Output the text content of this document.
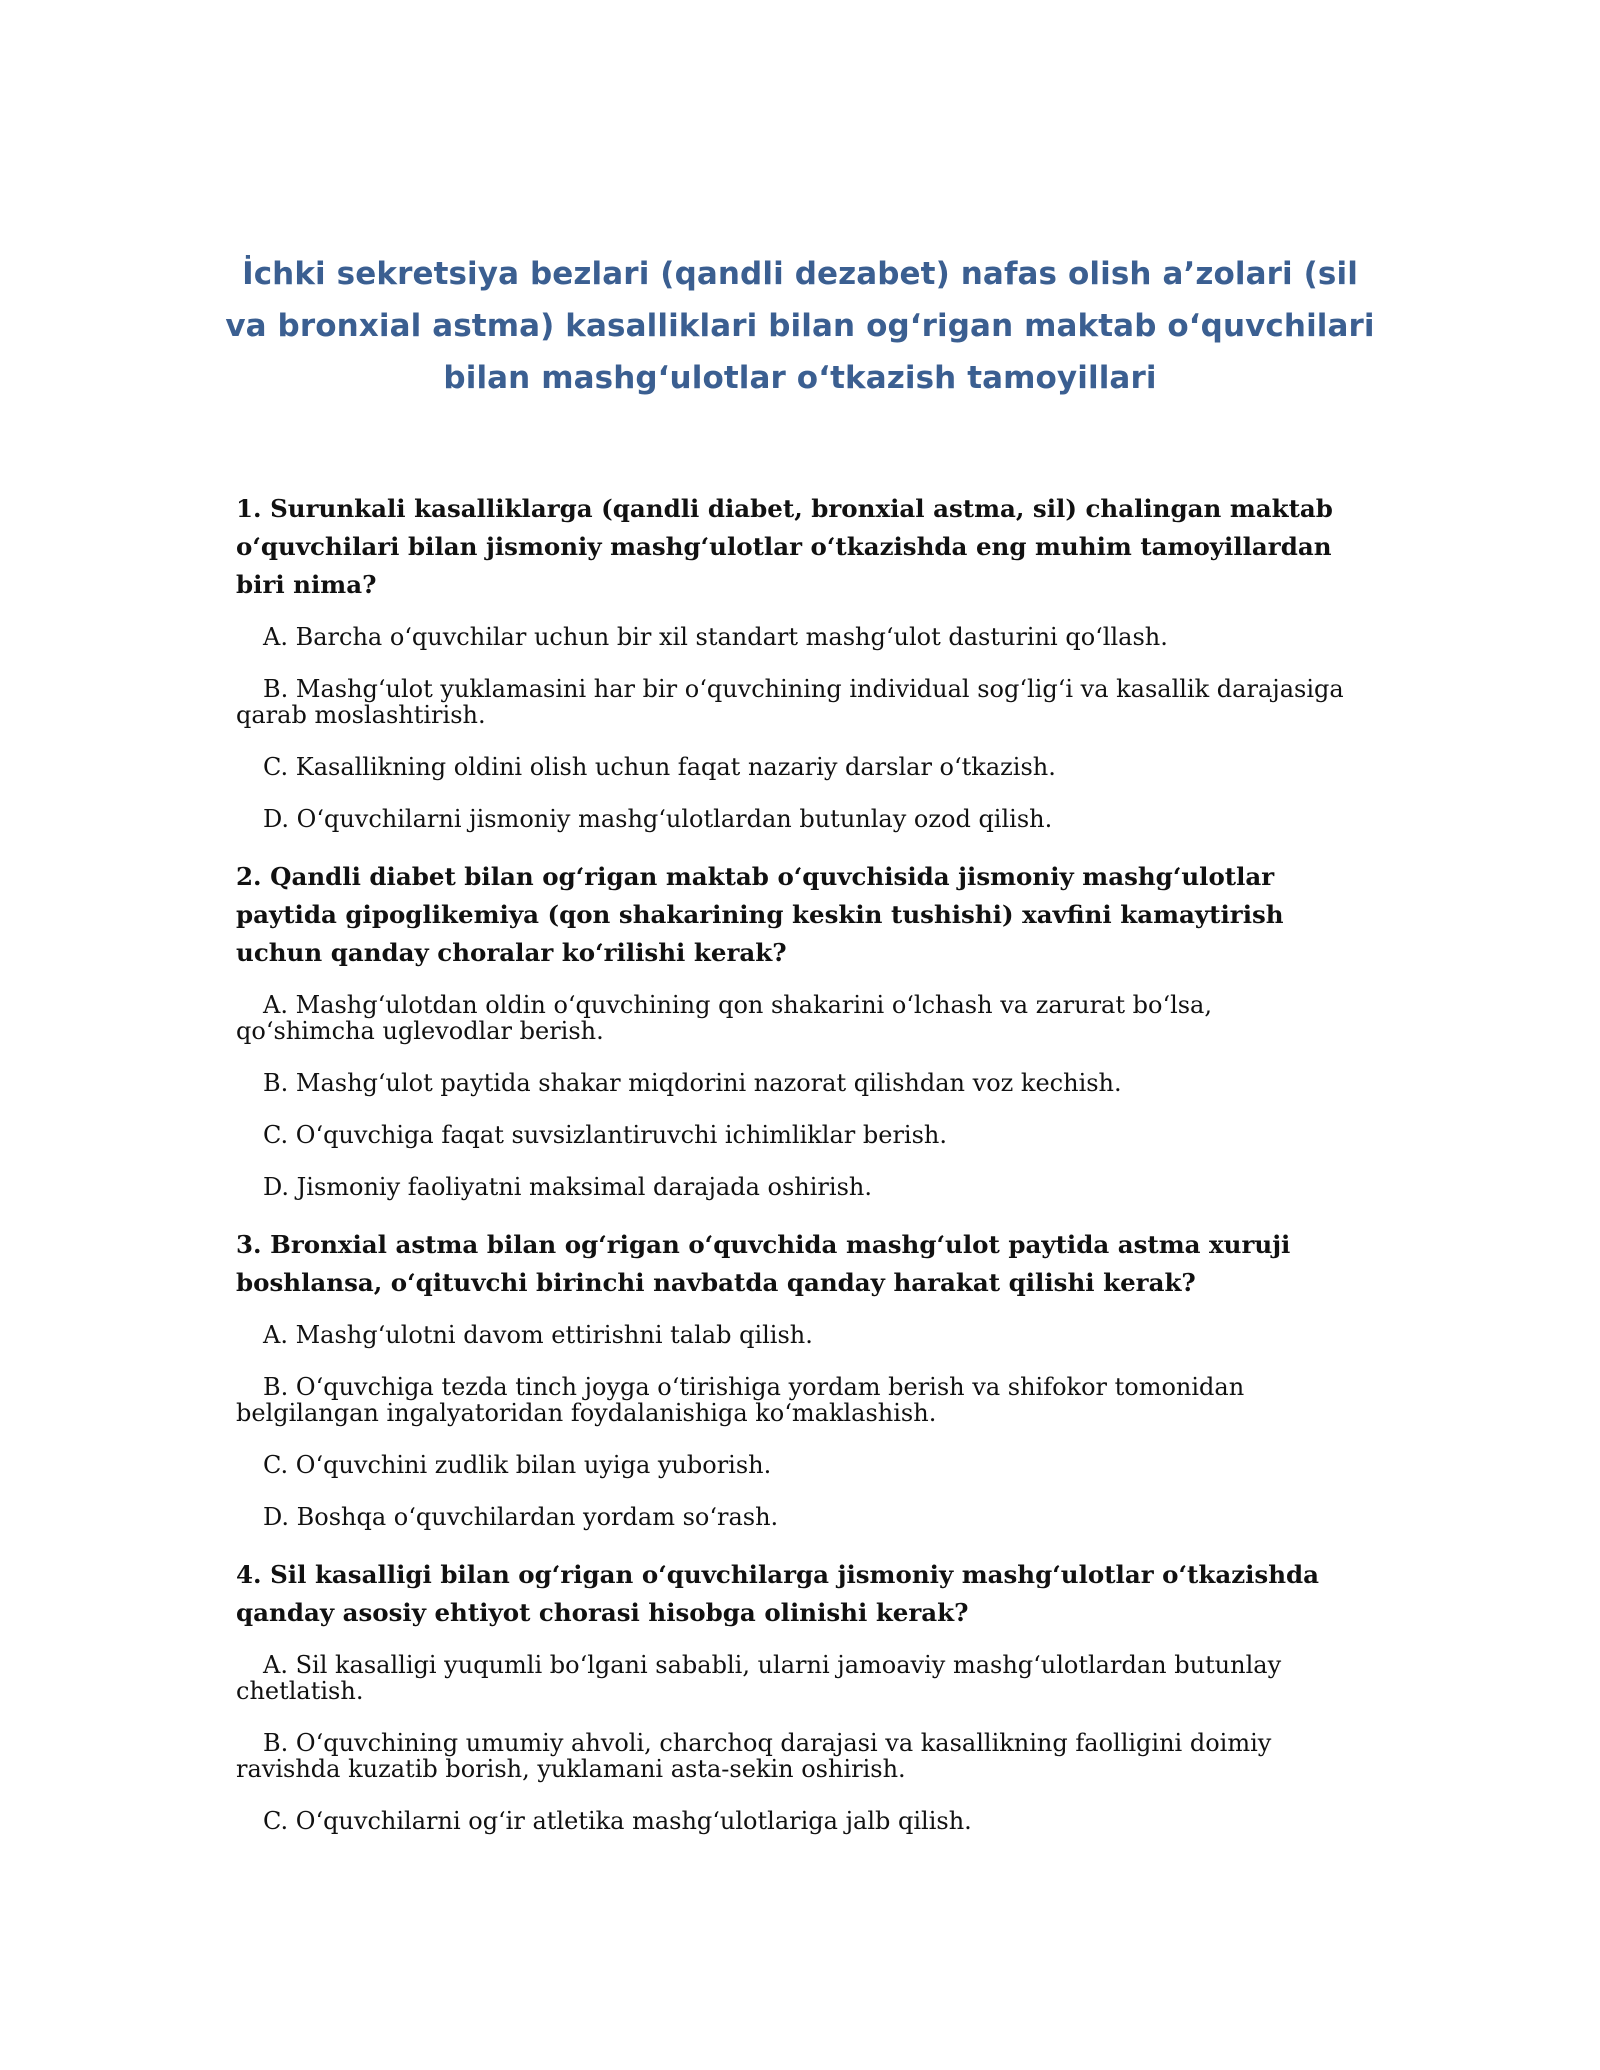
İchki sekretsiya bezlari (qandli dezabet) nafas olish a’zolari (sil va bronxial astma) kasalliklari bilan og‘rigan maktab o‘quvchilari bilan mashg‘ulotlar o‘tkazish tamoyillari

1. Surunkali kasalliklarga (qandli diabet, bronxial astma, sil) chalingan maktab o‘quvchilari bilan jismoniy mashg‘ulotlar o‘tkazishda eng muhim tamoyillardan biri nima?

A. Barcha o‘quvchilar uchun bir xil standart mashg‘ulot dasturini qo‘llash.

B. Mashg‘ulot yuklamasini har bir o‘quvchining individual sog‘lig‘i va kasallik darajasiga qarab moslashtirish.

C. Kasallikning oldini olish uchun faqat nazariy darslar o‘tkazish.

D. O‘quvchilarni jismoniy mashg‘ulotlardan butunlay ozod qilish.

2. Qandli diabet bilan og‘rigan maktab o‘quvchisida jismoniy mashg‘ulotlar paytida gipoglikemiya (qon shakarining keskin tushishi) xavfini kamaytirish uchun qanday choralar ko‘rilishi kerak?

A. Mashg‘ulotdan oldin o‘quvchining qon shakarini o‘lchash va zarurat bo‘lsa, qo‘shimcha uglevodlar berish.

B. Mashg‘ulot paytida shakar miqdorini nazorat qilishdan voz kechish.

C. O‘quvchiga faqat suvsizlantiruvchi ichimliklar berish.

D. Jismoniy faoliyatni maksimal darajada oshirish.

3. Bronxial astma bilan og‘rigan o‘quvchida mashg‘ulot paytida astma xuruji boshlansa, o‘qituvchi birinchi navbatda qanday harakat qilishi kerak?

A. Mashg‘ulotni davom ettirishni talab qilish.

B. O‘quvchiga tezda tinch joyga o‘tirishiga yordam berish va shifokor tomonidan belgilangan ingalyatoridan foydalanishiga ko‘maklashish.

C. O‘quvchini zudlik bilan uyiga yuborish.

D. Boshqa o‘quvchilardan yordam so‘rash.

4. Sil kasalligi bilan og‘rigan o‘quvchilarga jismoniy mashg‘ulotlar o‘tkazishda qanday asosiy ehtiyot chorasi hisobga olinishi kerak?

A. Sil kasalligi yuqumli bo‘lgani sababli, ularni jamoaviy mashg‘ulotlardan butunlay chetlatish.

B. O‘quvchining umumiy ahvoli, charchoq darajasi va kasallikning faolligini doimiy ravishda kuzatib borish, yuklamani asta-sekin oshirish.

C. O‘quvchilarni og‘ir atletika mashg‘ulotlariga jalb qilish.
